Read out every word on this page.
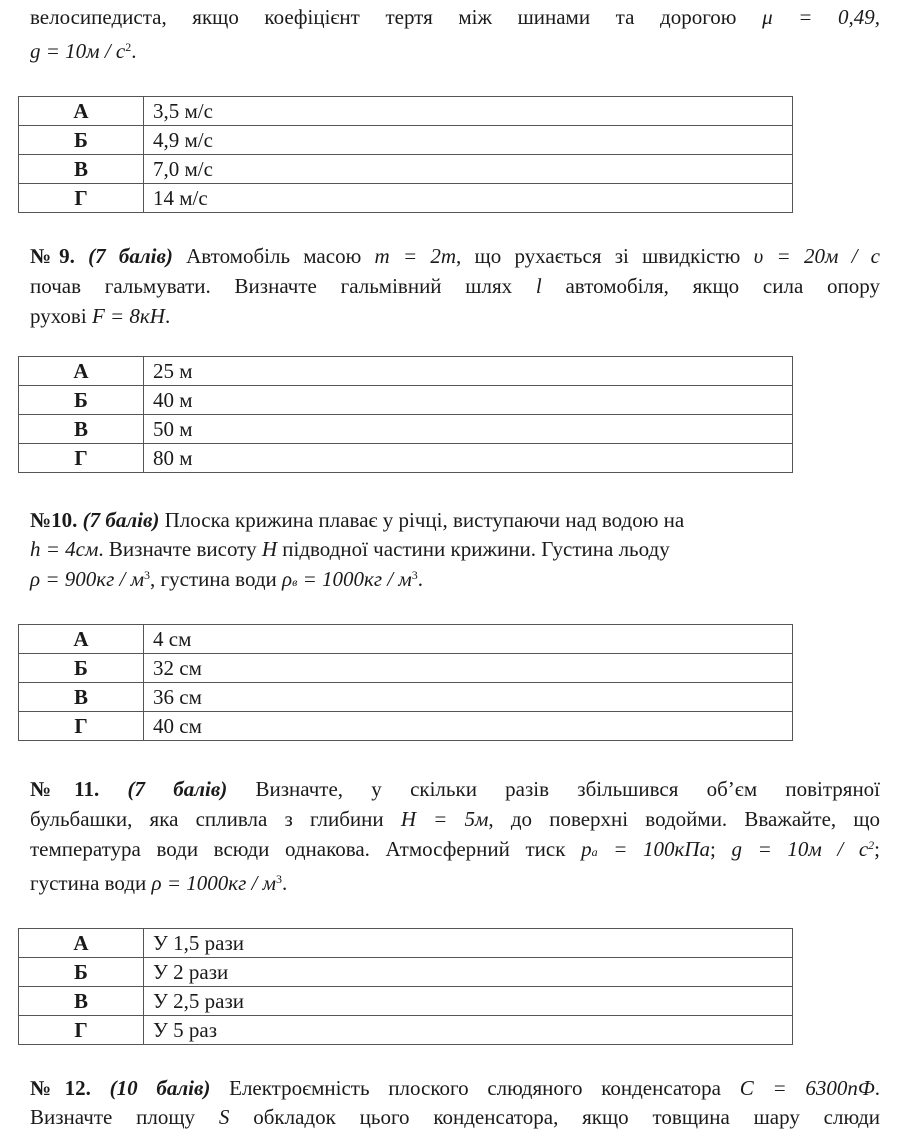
велосипедиста, якщо коефіцієнт тертя між шинами та дорогою μ = 0,49,
$g = 10м / c^2$.
А	3,5 м/с
Б	4,9 м/с
В	7,0 м/с
Г	14 м/с
№9. (7 балів) Автомобіль масою m = 2т, що рухається зі швидкістю υ = 20м / c
почав гальмувати. Визначте гальмівний шлях l автомобіля, якщо сила опору
рухові F = 8кН.
А	25 м
Б	40 м
В	50 м
Г	80 м
№10. (7 балів) Плоска крижина плаває у річці, виступаючи над водою на
h = 4см. Визначте висоту H підводної частини крижини. Густина льоду
$\rho = 900кг / м^3$, густина води $\rho_в = 1000кг / м^3$.
А	4 см
Б	32 см
В	36 см
Г	40 см
№11. (7 балів) Визначте, у скільки разів збільшився об’єм повітряної
бульбашки, яка спливла з глибини H = 5м, до поверхні водойми. Вважайте, що
температура води всюди однакова. Атмосферний тиск $p_a = 100кПа$; $g = 10м / c^2$;
густина води $\rho = 1000кг / м^3$.
А	У 1,5 рази
Б	У 2 рази
В	У 2,5 рази
Г	У 5 раз
№12. (10 балів) Електроємність плоского слюдяного конденсатора C = 6300пФ.
Визначте площу S обкладок цього конденсатора, якщо товщина шару слюди
